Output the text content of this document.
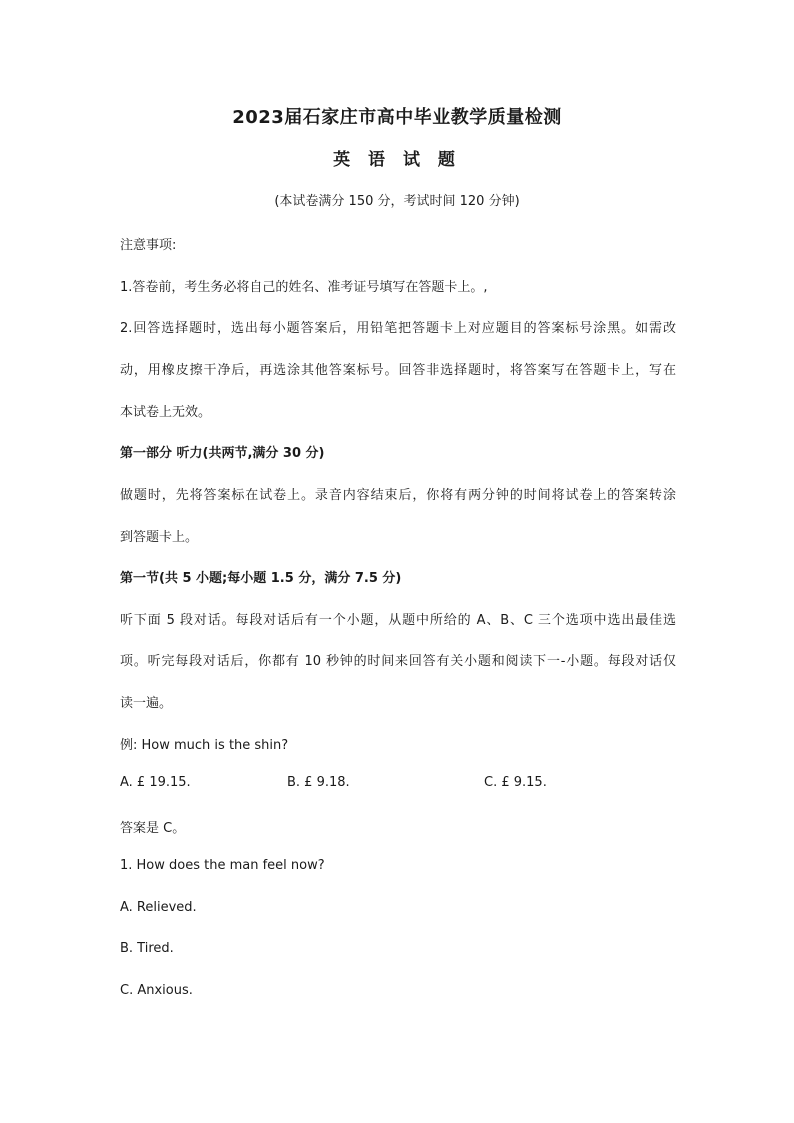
2023届石家庄市高中毕业教学质量检测
英 语 试 题
(本试卷满分 150 分，考试时间 120 分钟)
注意事项:
1.答卷前，考生务必将自己的姓名、准考证号填写在答题卡上。,
2.回答选择题时，选出每小题答案后，用铅笔把答题卡上对应题目的答案标号涂黑。如需改
动，用橡皮擦干净后，再选涂其他答案标号。回答非选择题时，将答案写在答题卡上，写在
本试卷上无效。
第一部分 听力(共两节,满分 30 分)
做题时，先将答案标在试卷上。录音内容结束后，你将有两分钟的时间将试卷上的答案转涂
到答题卡上。
第一节(共 5 小题;每小题 1.5 分，满分 7.5 分)
听下面 5 段对话。每段对话后有一个小题，从题中所给的 A、B、C 三个选项中选出最佳选
项。听完每段对话后，你都有 10 秒钟的时间来回答有关小题和阅读下一-小题。每段对话仅
读一遍。
例: How much is the shin?
A. £ 19.15.	B. £ 9.18.	C. £ 9.15.
答案是 C。
1. How does the man feel now?
A. Relieved.
B. Tired.
C. Anxious.
